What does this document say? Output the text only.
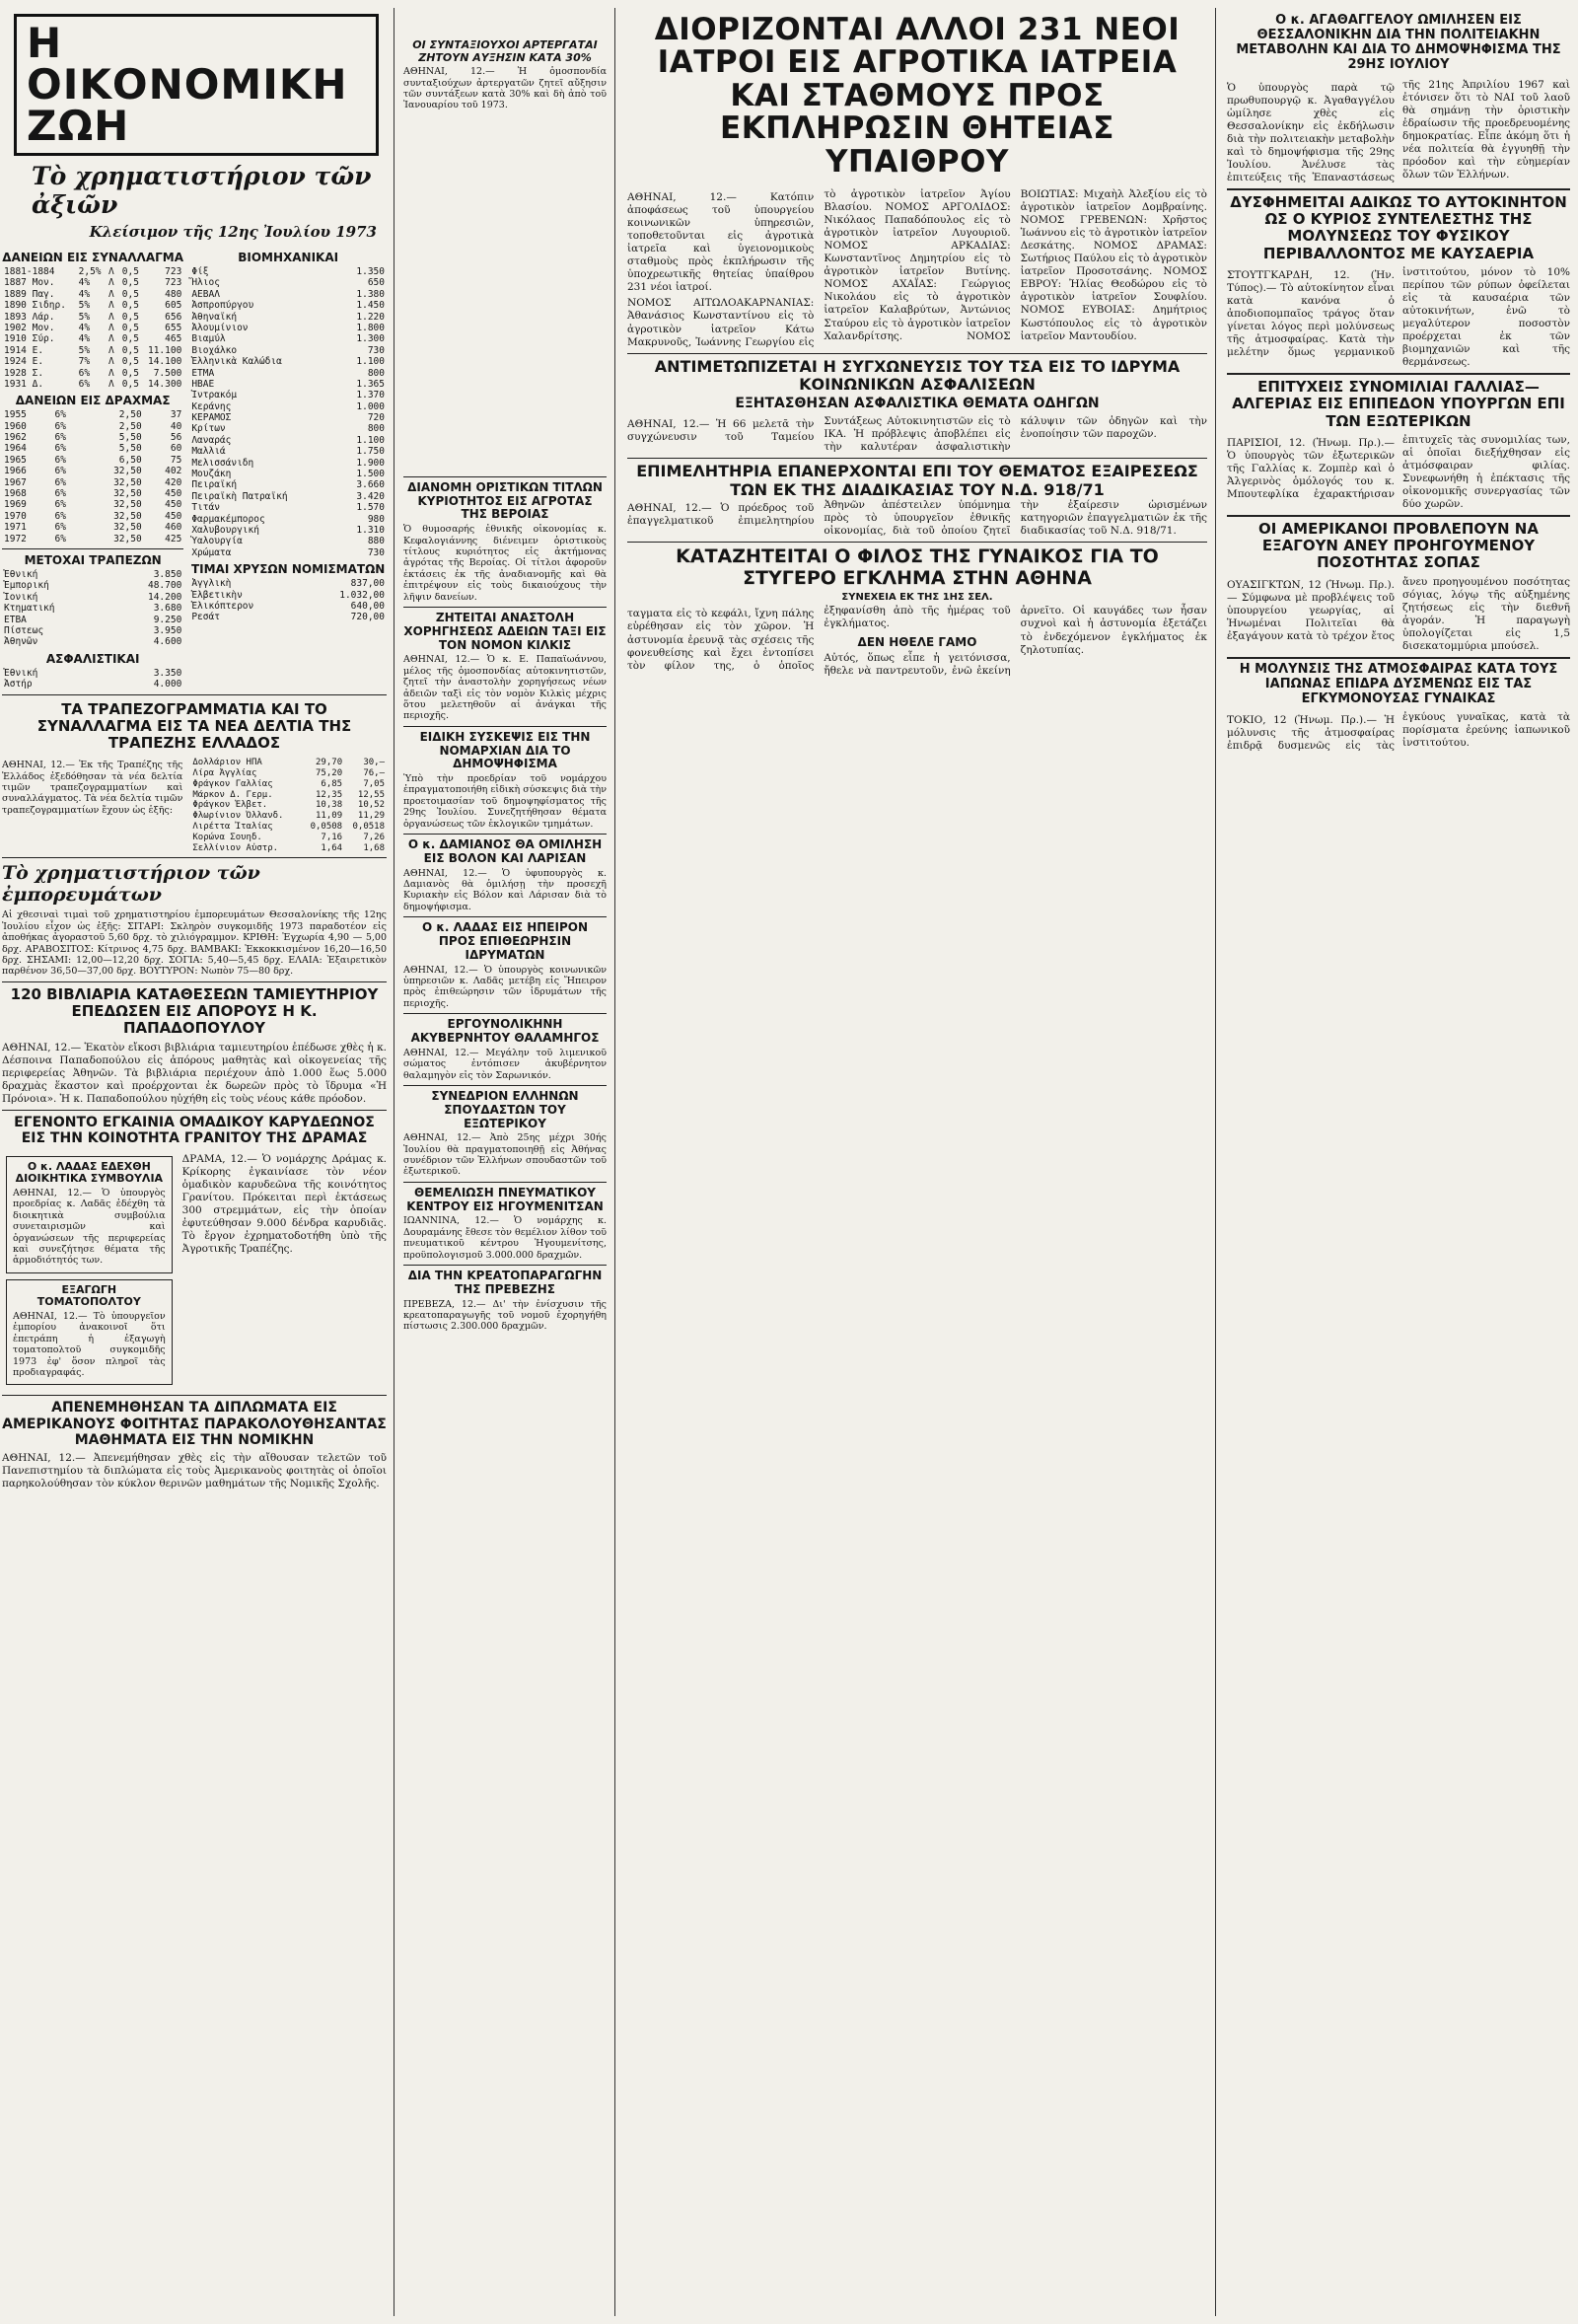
Η ΟΙΚΟΝΟΜΙΚΗ ΖΩΗ
Τὸ χρηματιστήριον τῶν ἀξιῶν
Κλείσιμον τῆς 12ης Ἰουλίου 1973
ΔΑΝΕΙΩΝ ΕΙΣ ΣΥΝΑΛΛΑΓΜΑ
1881-1884	2,5%	Λ	0,5	723
1887 Μον.	4%	Λ	0,5	723
1889 Παγ.	4%	Λ	0,5	480
1890 Σιδηρ.	5%	Λ	0,5	605
1893 Λάρ.	5%	Λ	0,5	656
1902 Μον.	4%	Λ	0,5	655
1910 Σύρ.	4%	Λ	0,5	465
1914 Ε.	5%	Λ	0,5	11.100
1924 Ε.	7%	Λ	0,5	14.100
1928 Σ.	6%	Λ	0,5	7.500
1931 Δ.	6%	Λ	0,5	14.300
ΔΑΝΕΙΩΝ ΕΙΣ ΔΡΑΧΜΑΣ
1955	6%	2,50	37
1960	6%	2,50	40
1962	6%	5,50	56
1964	6%	5,50	60
1965	6%	6,50	75
1966	6%	32,50	402
1967	6%	32,50	420
1968	6%	32,50	450
1969	6%	32,50	450
1970	6%	32,50	450
1971	6%	32,50	460
1972	6%	32,50	425
ΜΕΤΟΧΑΙ ΤΡΑΠΕΖΩΝ
Ἐθνική	3.850
Ἐμπορική	48.700
Ἰονική	14.200
Κτηματική	3.680
ΕΤΒΑ	9.250
Πίστεως	3.950
Ἀθηνῶν	4.600
ΑΣΦΑΛΙΣΤΙΚΑΙ
Ἐθνική	3.350
Ἀστήρ	4.000
ΒΙΟΜΗΧΑΝΙΚΑΙ
Φίξ	1.350
Ἥλιος	650
ΑΕΒΑΛ	1.380
Ἀσπροπύργου	1.450
Ἀθηναϊκή	1.220
Ἀλουμίνιον	1.800
Βιαμύλ	1.300
Βιοχάλκο	730
Ἑλληνικὰ Καλώδια	1.100
ΕΤΜΑ	800
ΗΒΑΕ	1.365
Ἰντρακόμ	1.370
Κεράνης	1.000
ΚΕΡΑΜΟΣ	720
Κρίτων	800
Λαναράς	1.100
Μαλλιά	1.750
Μελισσάνιδη	1.900
Μουζάκη	1.500
Πειραϊκή	3.660
Πειραϊκὴ Πατραϊκή	3.420
Τιτάν	1.570
Φαρμακέμπορος	980
Χαλυβουργική	1.310
Ὑαλουργία	880
Χρώματα	730
ΤΙΜΑΙ ΧΡΥΣΩΝ ΝΟΜΙΣΜΑΤΩΝ
Ἀγγλικὴ	837,00
Ἐλβετικὴν	1.032,00
Ἐλικόπτερον	640,00
Ρεσάτ	720,00
ΤΑ ΤΡΑΠΕΖΟΓΡΑΜΜΑΤΙΑ ΚΑΙ ΤΟ ΣΥΝΑΛΛΑΓΜΑ ΕΙΣ ΤΑ ΝΕΑ ΔΕΛΤΙΑ ΤΗΣ ΤΡΑΠΕΖΗΣ ΕΛΛΑΔΟΣ

ΑΘΗΝΑΙ, 12.— Ἐκ τῆς Τραπέζης τῆς Ἑλλάδος ἐξεδόθησαν τὰ νέα δελτία τιμῶν τραπεζογραμματίων καὶ συναλλάγματος. Τὰ νέα δελτία τιμῶν τραπεζογραμματίων ἔχουν ὡς ἑξῆς:

Δολλάριον ΗΠΑ	29,70	30,—
Λίρα Ἀγγλίας	75,20	76,—
Φράγκον Γαλλίας	6,85	7,05
Μάρκον Δ. Γερμ.	12,35	12,55
Φράγκον Ἑλβετ.	10,38	10,52
Φλωρίνιον Ὀλλανδ.	11,09	11,29
Λιρέττα Ἰταλίας	0,0508	0,0518
Κορώνα Σουηδ.	7,16	7,26
Σελλίνιον Αὐστρ.	1,64	1,68
Τὸ χρηματιστήριον τῶν ἐμπορευμάτων

Αἱ χθεσιναὶ τιμαὶ τοῦ χρηματιστηρίου ἐμπορευμάτων Θεσσαλονίκης τῆς 12ης Ἰουλίου εἶχον ὡς ἑξῆς: ΣΙΤΑΡΙ: Σκληρὸν συγκομιδῆς 1973 παραδοτέον εἰς ἀποθήκας ἀγοραστοῦ 5,60 δρχ. τὸ χιλιόγραμμον. ΚΡΙΘΗ: Ἐγχωρία 4,90 — 5,00 δρχ. ΑΡΑΒΟΣΙΤΟΣ: Κίτρινος 4,75 δρχ. ΒΑΜΒΑΚΙ: Ἐκκοκκισμένον 16,20—16,50 δρχ. ΣΗΣΑΜΙ: 12,00—12,20 δρχ. ΣΟΓΙΑ: 5,40—5,45 δρχ. ΕΛΑΙΑ: Ἐξαιρετικὸν παρθένον 36,50—37,00 δρχ. ΒΟΥΤΥΡΟΝ: Νωπὸν 75—80 δρχ.

120 ΒΙΒΛΙΑΡΙΑ ΚΑΤΑΘΕΣΕΩΝ ΤΑΜΙΕΥΤΗΡΙΟΥ ΕΠΕΔΩΣΕΝ ΕΙΣ ΑΠΟΡΟΥΣ Η Κ. ΠΑΠΑΔΟΠΟΥΛΟΥ

ΑΘΗΝΑΙ, 12.— Ἑκατὸν εἴκοσι βιβλιάρια ταμιευτηρίου ἐπέδωσε χθὲς ἡ κ. Δέσποινα Παπαδοπούλου εἰς ἀπόρους μαθητὰς καὶ οἰκογενείας τῆς περιφερείας Ἀθηνῶν. Τὰ βιβλιάρια περιέχουν ἀπὸ 1.000 ἕως 5.000 δραχμὰς ἕκαστον καὶ προέρχονται ἐκ δωρεῶν πρὸς τὸ ἵδρυμα «Ἡ Πρόνοια». Ἡ κ. Παπαδοπούλου ηὐχήθη εἰς τοὺς νέους κάθε πρόοδον.

ΕΓΕΝΟΝΤΟ ΕΓΚΑΙΝΙΑ ΟΜΑΔΙΚΟΥ ΚΑΡΥΔΕΩΝΟΣ ΕΙΣ ΤΗΝ ΚΟΙΝΟΤΗΤΑ ΓΡΑΝΙΤΟΥ ΤΗΣ ΔΡΑΜΑΣ
Ο κ. ΛΑΔΑΣ ΕΔΕΧΘΗ ΔΙΟΙΚΗΤΙΚΑ ΣΥΜΒΟΥΛΙΑ

ΑΘΗΝΑΙ, 12.— Ὁ ὑπουργὸς προεδρίας κ. Λαδᾶς ἐδέχθη τὰ διοικητικὰ συμβούλια συνεταιρισμῶν καὶ ὀργανώσεων τῆς περιφερείας καὶ συνεζήτησε θέματα τῆς ἁρμοδιότητός των.

ΕΞΑΓΩΓΗ ΤΟΜΑΤΟΠΟΛΤΟΥ

ΑΘΗΝΑΙ, 12.— Τὸ ὑπουργεῖον ἐμπορίου ἀνακοινοῖ ὅτι ἐπετράπη ἡ ἐξαγωγὴ τοματοπολτοῦ συγκομιδῆς 1973 ἐφ' ὅσον πληροῖ τὰς προδιαγραφάς.

ΔΡΑΜΑ, 12.— Ὁ νομάρχης Δράμας κ. Κρίκορης ἐγκαινίασε τὸν νέον ὁμαδικὸν καρυδεῶνα τῆς κοινότητος Γρανίτου. Πρόκειται περὶ ἐκτάσεως 300 στρεμμάτων, εἰς τὴν ὁποίαν ἐφυτεύθησαν 9.000 δένδρα καρυδιᾶς. Τὸ ἔργον ἐχρηματοδοτήθη ὑπὸ τῆς Ἀγροτικῆς Τραπέζης.

ΑΠΕΝΕΜΗΘΗΣΑΝ ΤΑ ΔΙΠΛΩΜΑΤΑ ΕΙΣ ΑΜΕΡΙΚΑΝΟΥΣ ΦΟΙΤΗΤΑΣ ΠΑΡΑΚΟΛΟΥΘΗΣΑΝΤΑΣ ΜΑΘΗΜΑΤΑ ΕΙΣ ΤΗΝ ΝΟΜΙΚΗΝ

ΑΘΗΝΑΙ, 12.— Ἀπενεμήθησαν χθὲς εἰς τὴν αἴθουσαν τελετῶν τοῦ Πανεπιστημίου τὰ διπλώματα εἰς τοὺς Ἀμερικανοὺς φοιτητὰς οἱ ὁποῖοι παρηκολούθησαν τὸν κύκλον θερινῶν μαθημάτων τῆς Νομικῆς Σχολῆς.

ΟΙ ΣΥΝΤΑΞΙΟΥΧΟΙ ΑΡΤΕΡΓΑΤΑΙ ΖΗΤΟΥΝ ΑΥΞΗΣΙΝ ΚΑΤΑ 30%

ΑΘΗΝΑΙ, 12.— Ἡ ὁμοσπονδία συνταξιούχων ἀρτεργατῶν ζητεῖ αὔξησιν τῶν συντάξεων κατὰ 30% καὶ δὴ ἀπὸ τοῦ Ἰανουαρίου τοῦ 1973.

ΔΙΑΝΟΜΗ ΟΡΙΣΤΙΚΩΝ ΤΙΤΛΩΝ ΚΥΡΙΟΤΗΤΟΣ ΕΙΣ ΑΓΡΟΤΑΣ ΤΗΣ ΒΕΡΟΙΑΣ

Ὁ θυμοσαρής ἐθνικῆς οἰκονομίας κ. Κεφαλογιάννης διένειμεν ὁριστικοὺς τίτλους κυριότητος εἰς ἀκτήμονας ἀγρότας τῆς Βεροίας. Οἱ τίτλοι ἀφοροῦν ἐκτάσεις ἐκ τῆς ἀναδιανομῆς καὶ θὰ ἐπιτρέψουν εἰς τοὺς δικαιούχους τὴν λῆψιν δανείων.

ΖΗΤΕΙΤΑΙ ΑΝΑΣΤΟΛΗ ΧΟΡΗΓΗΣΕΩΣ ΑΔΕΙΩΝ ΤΑΞΙ ΕΙΣ ΤΟΝ ΝΟΜΟΝ ΚΙΛΚΙΣ

ΑΘΗΝΑΙ, 12.— Ὁ κ. Ε. Παπαϊωάννου, μέλος τῆς ὁμοσπονδίας αὐτοκινητιστῶν, ζητεῖ τὴν ἀναστολὴν χορηγήσεως νέων ἀδειῶν ταξὶ εἰς τὸν νομὸν Κιλκὶς μέχρις ὅτου μελετηθοῦν αἱ ἀνάγκαι τῆς περιοχῆς.

ΕΙΔΙΚΗ ΣΥΣΚΕΨΙΣ ΕΙΣ ΤΗΝ ΝΟΜΑΡΧΙΑΝ ΔΙΑ ΤΟ ΔΗΜΟΨΗΦΙΣΜΑ

Ὑπὸ τὴν προεδρίαν τοῦ νομάρχου ἐπραγματοποιήθη εἰδικὴ σύσκεψις διὰ τὴν προετοιμασίαν τοῦ δημοψηφίσματος τῆς 29ης Ἰουλίου. Συνεζητήθησαν θέματα ὀργανώσεως τῶν ἐκλογικῶν τμημάτων.

Ο κ. ΔΑΜΙΑΝΟΣ ΘΑ ΟΜΙΛΗΣΗ ΕΙΣ ΒΟΛΟΝ ΚΑΙ ΛΑΡΙΣΑΝ

ΑΘΗΝΑΙ, 12.— Ὁ ὑφυπουργὸς κ. Δαμιανὸς θὰ ὁμιλήσῃ τὴν προσεχῆ Κυριακὴν εἰς Βόλον καὶ Λάρισαν διὰ τὸ δημοψήφισμα.

Ο κ. ΛΑΔΑΣ ΕΙΣ ΗΠΕΙΡΟΝ ΠΡΟΣ ΕΠΙΘΕΩΡΗΣΙΝ ΙΔΡΥΜΑΤΩΝ

ΑΘΗΝΑΙ, 12.— Ὁ ὑπουργὸς κοινωνικῶν ὑπηρεσιῶν κ. Λαδᾶς μετέβη εἰς Ἤπειρον πρὸς ἐπιθεώρησιν τῶν ἱδρυμάτων τῆς περιοχῆς.

ΕΡΓΟΥΝΟΛΙΚΗΝΗ ΑΚΥΒΕΡΝΗΤΟΥ ΘΑΛΑΜΗΓΟΣ

ΑΘΗΝΑΙ, 12.— Μεγάλην τοῦ λιμενικοῦ σώματος ἐντόπισεν ἀκυβέρνητον θαλαμηγὸν εἰς τὸν Σαρωνικόν.

ΣΥΝΕΔΡΙΟΝ ΕΛΛΗΝΩΝ ΣΠΟΥΔΑΣΤΩΝ ΤΟΥ ΕΞΩΤΕΡΙΚΟΥ

ΑΘΗΝΑΙ, 12.— Ἀπὸ 25ης μέχρι 30ής Ἰουλίου θὰ πραγματοποιηθῇ εἰς Ἀθήνας συνέδριον τῶν Ἑλλήνων σπουδαστῶν τοῦ ἐξωτερικοῦ.

ΘΕΜΕΛΙΩΣΗ ΠΝΕΥΜΑΤΙΚΟΥ ΚΕΝΤΡΟΥ ΕΙΣ ΗΓΟΥΜΕΝΙΤΣΑΝ

ΙΩΑΝΝΙΝΑ, 12.— Ὁ νομάρχης κ. Δουραμάνης ἔθεσε τὸν θεμέλιον λίθον τοῦ πνευματικοῦ κέντρου Ἡγουμενίτσης, προϋπολογισμοῦ 3.000.000 δραχμῶν.

ΔΙΑ ΤΗΝ ΚΡΕΑΤΟΠΑΡΑΓΩΓΗΝ ΤΗΣ ΠΡΕΒΕΖΗΣ

ΠΡΕΒΕΖΑ, 12.— Δι' τὴν ἐνίσχυσιν τῆς κρεατοπαραγωγῆς τοῦ νομοῦ ἐχορηγήθη πίστωσις 2.300.000 δραχμῶν.

ΔΙΟΡΙΖΟΝΤΑΙ ΑΛΛΟΙ 231 ΝΕΟΙ ΙΑΤΡΟΙ ΕΙΣ ΑΓΡΟΤΙΚΑ ΙΑΤΡΕΙΑ ΚΑΙ ΣΤΑΘΜΟΥΣ ΠΡΟΣ ΕΚΠΛΗΡΩΣΙΝ ΘΗΤΕΙΑΣ ΥΠΑΙΘΡΟΥ

ΑΘΗΝΑΙ, 12.— Κατόπιν ἀποφάσεως τοῦ ὑπουργείου κοινωνικῶν ὑπηρεσιῶν, τοποθετοῦνται εἰς ἀγροτικὰ ἰατρεῖα καὶ ὑγειονομικοὺς σταθμοὺς πρὸς ἐκπλήρωσιν τῆς ὑποχρεωτικῆς θητείας ὑπαίθρου 231 νέοι ἰατροί.

ΝΟΜΟΣ ΑΙΤΩΛΟΑΚΑΡΝΑΝΙΑΣ: Ἀθανάσιος Κωνσταντίνου εἰς τὸ ἀγροτικὸν ἰατρεῖον Κάτω Μακρυνοῦς, Ἰωάννης Γεωργίου εἰς τὸ ἀγροτικὸν ἰατρεῖον Ἀγίου Βλασίου. ΝΟΜΟΣ ΑΡΓΟΛΙΔΟΣ: Νικόλαος Παπαδόπουλος εἰς τὸ ἀγροτικὸν ἰατρεῖον Λυγουριοῦ. ΝΟΜΟΣ ΑΡΚΑΔΙΑΣ: Κωνσταντῖνος Δημητρίου εἰς τὸ ἀγροτικὸν ἰατρεῖον Βυτίνης. ΝΟΜΟΣ ΑΧΑΪΑΣ: Γεώργιος Νικολάου εἰς τὸ ἀγροτικὸν ἰατρεῖον Καλαβρύτων, Ἀντώνιος Σταύρου εἰς τὸ ἀγροτικὸν ἰατρεῖον Χαλανδρίτσης. ΝΟΜΟΣ ΒΟΙΩΤΙΑΣ: Μιχαὴλ Ἀλεξίου εἰς τὸ ἀγροτικὸν ἰατρεῖον Δομβραίνης. ΝΟΜΟΣ ΓΡΕΒΕΝΩΝ: Χρῆστος Ἰωάννου εἰς τὸ ἀγροτικὸν ἰατρεῖον Δεσκάτης. ΝΟΜΟΣ ΔΡΑΜΑΣ: Σωτήριος Παύλου εἰς τὸ ἀγροτικὸν ἰατρεῖον Προσοτσάνης. ΝΟΜΟΣ ΕΒΡΟΥ: Ἠλίας Θεοδώρου εἰς τὸ ἀγροτικὸν ἰατρεῖον Σουφλίου. ΝΟΜΟΣ ΕΥΒΟΙΑΣ: Δημήτριος Κωστόπουλος εἰς τὸ ἀγροτικὸν ἰατρεῖον Μαντουδίου.

ΑΝΤΙΜΕΤΩΠΙΖΕΤΑΙ Η ΣΥΓΧΩΝΕΥΣΙΣ ΤΟΥ ΤΣΑ ΕΙΣ ΤΟ ΙΔΡΥΜΑ ΚΟΙΝΩΝΙΚΩΝ ΑΣΦΑΛΙΣΕΩΝ
ΕΞΗΤΑΣΘΗΣΑΝ ΑΣΦΑΛΙΣΤΙΚΑ ΘΕΜΑΤΑ ΟΔΗΓΩΝ

ΑΘΗΝΑΙ, 12.— Ἡ 66 μελετᾶ τὴν συγχώνευσιν τοῦ Ταμείου Συντάξεως Αὐτοκινητιστῶν εἰς τὸ ΙΚΑ. Ἡ πρόβλεψις ἀποβλέπει εἰς τὴν καλυτέραν ἀσφαλιστικὴν κάλυψιν τῶν ὁδηγῶν καὶ τὴν ἑνοποίησιν τῶν παροχῶν.

ΕΠΙΜΕΛΗΤΗΡΙΑ ΕΠΑΝΕΡΧΟΝΤΑΙ ΕΠΙ ΤΟΥ ΘΕΜΑΤΟΣ ΕΞΑΙΡΕΣΕΩΣ ΤΩΝ ΕΚ ΤΗΣ ΔΙΑΔΙΚΑΣΙΑΣ ΤΟΥ Ν.Δ. 918/71

ΑΘΗΝΑΙ, 12.— Ὁ πρόεδρος τοῦ ἐπαγγελματικοῦ ἐπιμελητηρίου Ἀθηνῶν ἀπέστειλεν ὑπόμνημα πρὸς τὸ ὑπουργεῖον ἐθνικῆς οἰκονομίας, διὰ τοῦ ὁποίου ζητεῖ τὴν ἐξαίρεσιν ὡρισμένων κατηγοριῶν ἐπαγγελματιῶν ἐκ τῆς διαδικασίας τοῦ Ν.Δ. 918/71.

ΚΑΤΑΖΗΤΕΙΤΑΙ Ο ΦΙΛΟΣ ΤΗΣ ΓΥΝΑΙΚΟΣ ΓΙΑ ΤΟ ΣΤΥΓΕΡΟ ΕΓΚΛΗΜΑ ΣΤΗΝ ΑΘΗΝΑ
ΣΥΝΕΧΕΙΑ ΕΚ ΤΗΣ 1ΗΣ ΣΕΛ.

ταγματα εἰς τὸ κεφάλι, ἴχνη πάλης εὑρέθησαν εἰς τὸν χῶρον. Ἡ ἀστυνομία ἐρευνᾷ τὰς σχέσεις τῆς φονευθείσης καὶ ἔχει ἐντοπίσει τὸν φίλον της, ὁ ὁποῖος ἐξηφανίσθη ἀπὸ τῆς ἡμέρας τοῦ ἐγκλήματος.

ΔΕΝ ΗΘΕΛΕ ΓΑΜΟ

Αὐτός, ὅπως εἶπε ἡ γειτόνισσα, ἤθελε νὰ παντρευτοῦν, ἐνῶ ἐκείνη ἀρνεῖτο. Οἱ καυγάδες των ἦσαν συχνοὶ καὶ ἡ ἀστυνομία ἐξετάζει τὸ ἐνδεχόμενον ἐγκλήματος ἐκ ζηλοτυπίας.

Ο κ. ΑΓΑΘΑΓΓΕΛΟΥ ΩΜΙΛΗΣΕΝ ΕΙΣ ΘΕΣΣΑΛΟΝΙΚΗΝ ΔΙΑ ΤΗΝ ΠΟΛΙΤΕΙΑΚΗΝ ΜΕΤΑΒΟΛΗΝ ΚΑΙ ΔΙΑ ΤΟ ΔΗΜΟΨΗΦΙΣΜΑ ΤΗΣ 29ΗΣ ΙΟΥΛΙΟΥ

Ὁ ὑπουργὸς παρὰ τῷ πρωθυπουργῷ κ. Ἀγαθαγγέλου ὡμίλησε χθὲς εἰς Θεσσαλονίκην εἰς ἐκδήλωσιν διὰ τὴν πολιτειακὴν μεταβολὴν καὶ τὸ δημοψήφισμα τῆς 29ης Ἰουλίου. Ἀνέλυσε τὰς ἐπιτεύξεις τῆς Ἐπαναστάσεως τῆς 21ης Ἀπριλίου 1967 καὶ ἐτόνισεν ὅτι τὸ ΝΑΙ τοῦ λαοῦ θὰ σημάνῃ τὴν ὁριστικὴν ἐδραίωσιν τῆς προεδρευομένης δημοκρατίας. Εἶπε ἀκόμη ὅτι ἡ νέα πολιτεία θὰ ἐγγυηθῇ τὴν πρόοδον καὶ τὴν εὐημερίαν ὅλων τῶν Ἑλλήνων.

ΔΥΣΦΗΜΕΙΤΑΙ ΑΔΙΚΩΣ ΤΟ ΑΥΤΟΚΙΝΗΤΟΝ ΩΣ Ο ΚΥΡΙΟΣ ΣΥΝΤΕΛΕΣΤΗΣ ΤΗΣ ΜΟΛΥΝΣΕΩΣ ΤΟΥ ΦΥΣΙΚΟΥ ΠΕΡΙΒΑΛΛΟΝΤΟΣ ΜΕ ΚΑΥΣΑΕΡΙΑ

ΣΤΟΥΤΓΚΑΡΔΗ, 12. (Ἡν. Τύπος).— Τὸ αὐτοκίνητον εἶναι κατὰ κανόνα ὁ ἀποδιοπομπαῖος τράγος ὅταν γίνεται λόγος περὶ μολύνσεως τῆς ἀτμοσφαίρας. Κατὰ τὴν μελέτην ὅμως γερμανικοῦ ἰνστιτούτου, μόνον τὸ 10% περίπου τῶν ρύπων ὀφείλεται εἰς τὰ καυσαέρια τῶν αὐτοκινήτων, ἐνῶ τὸ μεγαλύτερον ποσοστὸν προέρχεται ἐκ τῶν βιομηχανιῶν καὶ τῆς θερμάνσεως.

ΕΠΙΤΥΧΕΙΣ ΣΥΝΟΜΙΛΙΑΙ ΓΑΛΛΙΑΣ—ΑΛΓΕΡΙΑΣ ΕΙΣ ΕΠΙΠΕΔΟΝ ΥΠΟΥΡΓΩΝ ΕΠΙ ΤΩΝ ΕΞΩΤΕΡΙΚΩΝ

ΠΑΡΙΣΙΟΙ, 12. (Ἡνωμ. Πρ.).— Ὁ ὑπουργὸς τῶν ἐξωτερικῶν τῆς Γαλλίας κ. Ζομπὲρ καὶ ὁ Ἀλγερινὸς ὁμόλογός του κ. Μπουτεφλίκα ἐχαρακτήρισαν ἐπιτυχεῖς τὰς συνομιλίας των, αἱ ὁποῖαι διεξήχθησαν εἰς ἀτμόσφαιραν φιλίας. Συνεφωνήθη ἡ ἐπέκτασις τῆς οἰκονομικῆς συνεργασίας τῶν δύο χωρῶν.

ΟΙ ΑΜΕΡΙΚΑΝΟΙ ΠΡΟΒΛΕΠΟΥΝ ΝΑ ΕΞΑΓΟΥΝ ΑΝΕΥ ΠΡΟΗΓΟΥΜΕΝΟΥ ΠΟΣΟΤΗΤΑΣ ΣΟΠΑΣ

ΟΥΑΣΙΓΚΤΩΝ, 12 (Ἡνωμ. Πρ.).— Σύμφωνα μὲ προβλέψεις τοῦ ὑπουργείου γεωργίας, αἱ Ἡνωμέναι Πολιτεῖαι θὰ ἐξαγάγουν κατὰ τὸ τρέχον ἔτος ἄνευ προηγουμένου ποσότητας σόγιας, λόγῳ τῆς αὐξημένης ζητήσεως εἰς τὴν διεθνῆ ἀγοράν. Ἡ παραγωγὴ ὑπολογίζεται εἰς 1,5 δισεκατομμύρια μπούσελ.

Η ΜΟΛΥΝΣΙΣ ΤΗΣ ΑΤΜΟΣΦΑΙΡΑΣ ΚΑΤΑ ΤΟΥΣ ΙΑΠΩΝΑΣ ΕΠΙΔΡΑ ΔΥΣΜΕΝΩΣ ΕΙΣ ΤΑΣ ΕΓΚΥΜΟΝΟΥΣΑΣ ΓΥΝΑΙΚΑΣ

ΤΟΚΙΟ, 12 (Ἡνωμ. Πρ.).— Ἡ μόλυνσις τῆς ἀτμοσφαίρας ἐπιδρᾷ δυσμενῶς εἰς τὰς ἐγκύους γυναῖκας, κατὰ τὰ πορίσματα ἐρεύνης ἰαπωνικοῦ ἰνστιτούτου.
